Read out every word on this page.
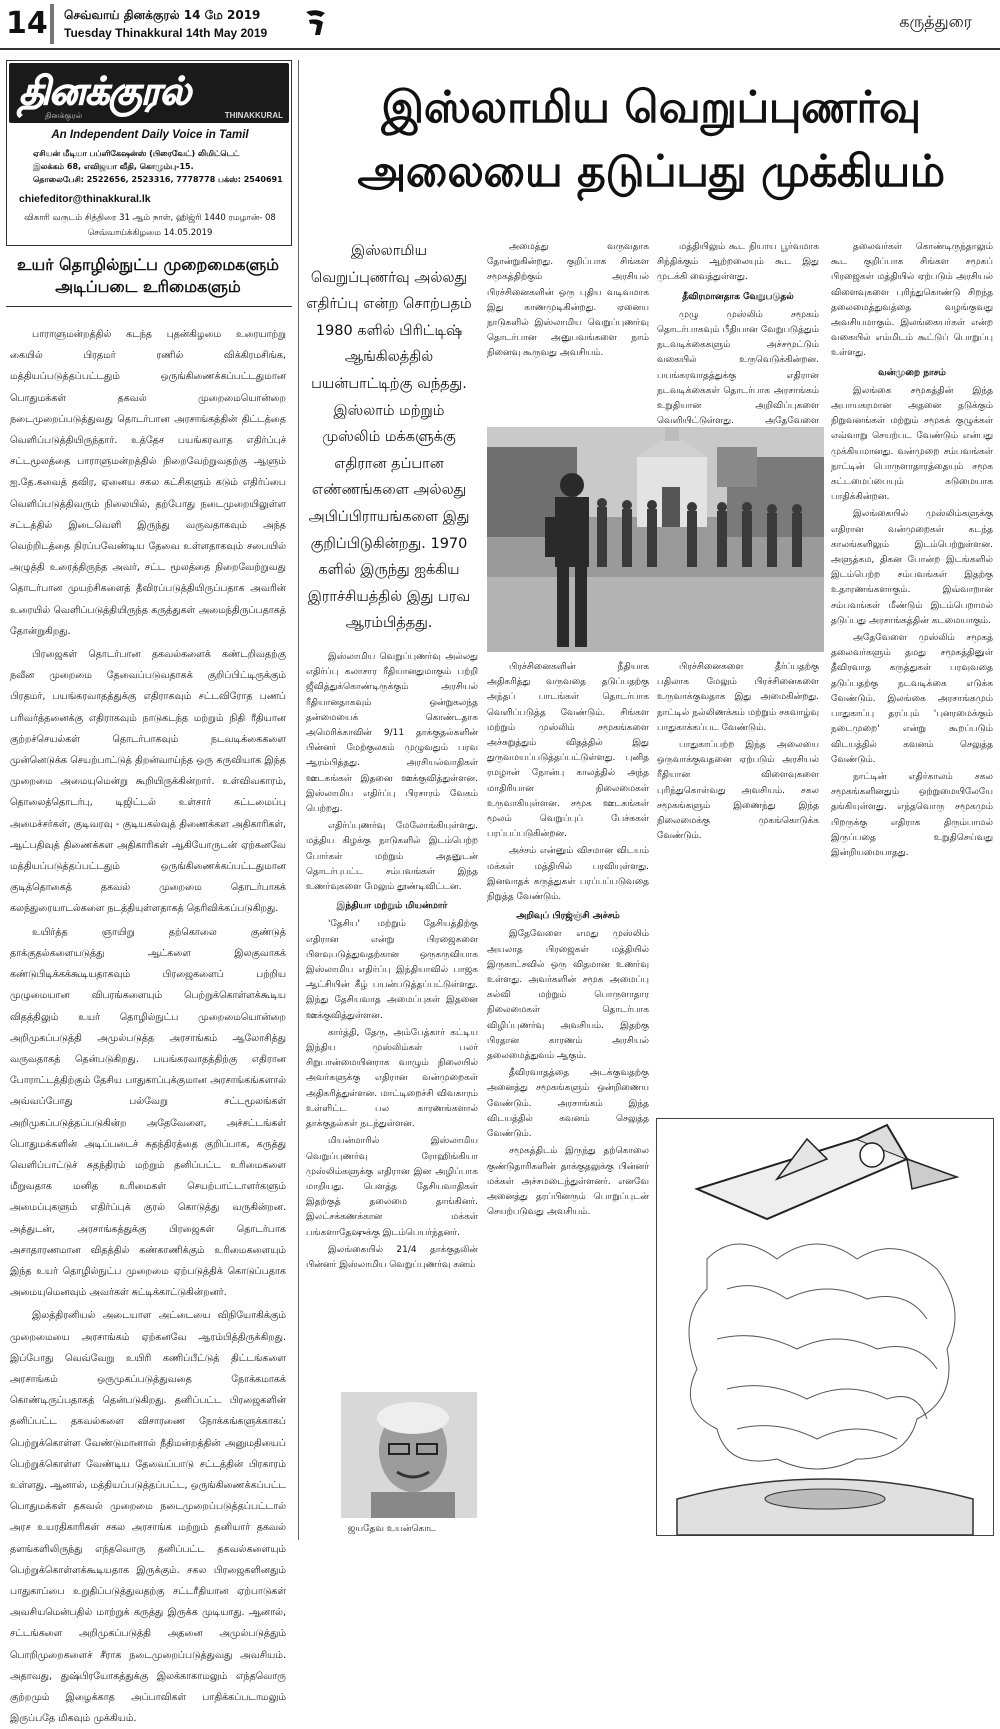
14	செவ்வாய் தினக்குரல் 14 மே 2019
Tuesday Thinakkural 14th May 2019
கருத்துரை
தினக்குரல்
தினக்குரல்	THINAKKURAL
An Independent Daily Voice in Tamil
ஏசியன் மீடியா பப்ளிகேஷன்ஸ் (பிரைவேட்) லிமிட்டெட்
இலக்கம் 68, எவிஜயா வீதி, கொழும்பு-15.
தொலைபேசி: 2522656, 2523316, 7778778 பக்ஸ்: 2540691
chiefeditor@thinakkural.lk
விகாரி வருடம் சித்திரை 31 ஆம் நாள், ஹிஜ்ரி 1440 ரமழான்- 08
செவ்வாய்க்கிழமை 14.05.2019
உயர் தொழில்நுட்ப முறைமைகளும் அடிப்படை உரிமைகளும்

பாராளுமன்றத்தில் கடந்த புதன்கிழமை உரையாற்று கையில் பிரதமர் ரணில் விக்கிரமசிங்க, மத்தியப்படுத்தப்பட்டதும் ஒருங்கிணைக்கப்பட்டதுமான பொதுமக்கள் தகவல் முறைமையொன்றை நடைமுறைப்படுத்துவது தொடர்பான அரசாங்கத்தின் திட்டத்தை வெளிப்படுத்தியிருந்தார். உத்தேச பயங்கரவாத எதிர்ப்புச் சட்டமூலத்தை பாராளுமன்றத்தில் நிறைவேற்றுவதற்கு ஆளும் ஐ.தே.கவைத் தவிர, ஏனைய சகல கட்சிகளும் கடும் எதிர்ப்பை வெளிப்படுத்திவரும் நிலையில், தற்போது நடைமுறையிலுள்ள சட்டத்தில் இடைவெளி இருந்து வருவதாகவும் அந்த வெற்றிடத்தை நிரப்பவேண்டிய தேவை உள்ளதாகவும் சபையில் அழுத்தி உரைத்திருந்த அவர், சட்ட மூலத்தை நிறைவேற்றுவது தொடர்பான முயற்சிகளைத் தீவிரப்படுத்தியிருப்பதாக அவரின் உரையில் வெளிப்படுத்தியிருந்த கருத்துகள் அமைந்திருப்பதாகத் தோன்றுகிறது.

பிரஜைகள் தொடர்பான தகவல்களைக் கண்டறிவதற்கு நவீன முறைமை தேவைப்படுவதாகக் குறிப்பிட்டிருக்கும் பிரதமர், பயங்கரவாதத்துக்கு எதிராகவும் சட்டவிரோத பணப் பரிவர்த்தனைக்கு எதிராகவும் நாடுகடந்த மற்றும் நிதி ரீதியான குற்றச்செயல்கள் தொடர்பாகவும் நடவடிக்கைகளை முன்னெடுக்க செயற்பாட்டுத் திறன்வாய்ந்த ஒரு கருவியாக இந்த முறைமை அமையுமென்று கூறியிருக்கின்றார். உள்விவகாரம், தொலைத்தொடர்பு, டிஜிட்டல் உள்சார் கட்டமைப்பு அமைச்சர்கள், குடிவரவு - குடியகல்வுத் திணைக்கள அதிகாரிகள், ஆட்பதிவுத் திணைக்கள அதிகாரிகள் ஆகியோருடன் ஏற்கனவே மத்தியப்படுத்தப்பட்டதும் ஒருங்கிணைக்கப்பட்டதுமான குடித்தொகைத் தகவல் முறைமை தொடர்பாகக் கலந்துரையாடல்களை நடத்தியுள்ளதாகத் தெரிவிக்கப்படுகிறது.

உயிர்த்த ஞாயிறு தற்கொலை குண்டுத் தாக்குதல்களையடுத்து ஆட்களை இலகுவாகக் கண்டுபிடிக்கக்கூடியதாகவும் பிரஜைகளைப் பற்றிய முழுமையான விபரங்களையும் பெற்றுக்கொள்ளக்கூடிய விதத்திலும் உயர் தொழில்நுட்ப முறைமையொன்றை அறிமுகப்படுத்தி அமுல்படுத்த அரசாங்கம் ஆலோசித்து வருவதாகத் தென்படுகிறது. பயங்கரவாதத்திற்கு எதிரான போராட்டத்திற்கும் தேசிய பாதுகாப்புக்குமான அரசாங்கங்களால் அவ்வப்போது பல்வேறு சட்டமூலங்கள் அறிமுகப்படுத்தப்படுகின்ற அதேவேளை, அச்சட்டங்கள் பொதுமக்களின் அடிப்படைச் சுதந்திரத்தை குறிப்பாக, கருத்து வெளிப்பாட்டுச் சுதந்திரம் மற்றும் தனிப்பட்ட உரிமைகளை மீறுவதாக மனித உரிமைகள் செயற்பாட்டாளர்களும் அமைப்புகளும் எதிர்ப்புக் குரல் கொடுத்து வருகின்றன. அத்துடன், அரசாங்கத்துக்கு பிரஜைகள் தொடர்பாக அசாதாரணமான விதத்தில் கண்காணிக்கும் உரிமைகளையும் இந்த உயர் தொழில்நுட்ப முறைமை ஏற்படுத்திக் கொடுப்பதாக அமையுமெனவும் அவர்கள் சுட்டிக்காட்டுகின்றனர்.

இலத்திரனியல் அடையாள அட்டையை விநியோகிக்கும் முறைமையை அரசாங்கம் ஏற்கனவே ஆரம்பித்திருக்கிறது. இப்போது வெவ்வேறு உயிரி கணிப்பீட்டுத் திட்டங்களை அரசாங்கம் ஒருமுகப்படுத்துவதை நோக்கமாகக் கொண்டிருப்பதாகத் தென்படுகிறது. தனிப்பட்ட பிரஜைகளின் தனிப்பட்ட தகவல்களை விசாரணை நோக்கங்களுக்காகப் பெற்றுக்கொள்ள வேண்டுமானால் நீதிமன்றத்தின் அனுமதியைப் பெற்றுக்கொள்ள வேண்டிய தேவைப்பாடு சட்டத்தின் பிரகாரம் உள்ளது. ஆனால், மத்தியப்படுத்தப்பட்ட, ஒருங்கிணைக்கப்பட்ட பொதுமக்கள் தகவல் முறைமை நடைமுறைப்படுத்தப்பட்டால் அரச உயரதிகாரிகள் சகல அரசாங்க மற்றும் தனியார் தகவல் தளங்களிலிருந்து எந்தவொரு தனிப்பட்ட தகவல்களையும் பெற்றுக்கொள்ளக்கூடியதாக இருக்கும். சகல பிரஜைகளினதும் பாதுகாப்பை உறுதிப்படுத்துவதற்கு சட்டரீதியான ஏற்பாடுகள் அவசியமென்பதில் மாற்றுக் கருத்து இருக்க முடியாது. ஆனால், சட்டங்களை அறிமுகப்படுத்தி அதனை அமுல்படுத்தும் பொறிமுறைகளைச் சீராக நடைமுறைப்படுத்துவது அவசியம். அதாவது, துஷ்பிரயோகத்துக்கு இலக்காகாமலும் எந்தவொரு குற்றமும் இழைக்காத அப்பாவிகள் பாதிக்கப்படாமலும் இருப்பதே மிகவும் முக்கியம்.

இஸ்லாமிய வெறுப்புணர்வு
அலையை தடுப்பது முக்கியம்
இஸ்லாமிய வெறுப்புணர்வு அல்லது எதிர்ப்பு என்ற சொற்பதம் 1980 களில் பிரிட்டிஷ் ஆங்கிலத்தில் பயன்பாட்டிற்கு வந்தது. இஸ்லாம் மற்றும் முஸ்லிம் மக்களுக்கு எதிரான தப்பான எண்ணங்களை அல்லது அபிப்பிராயங்களை இது குறிப்பிடுகின்றது. 1970 களில் இருந்து ஐக்கிய இராச்சியத்தில் இது பரவ ஆரம்பித்தது.

அமைத்து வருவதாக தோன்றுகின்றது. குறிப்பாக சிங்கள சமூகத்திற்கும் அரசியல் பிரச்சினைகளின் ஒரு புதிய வடிவமாக இது காணமுடிகின்றது. ஏனைய நாடுகளில் இஸ்லாமிய வெறுப்புணர்வு தொடர்பான அனுபவங்களை நாம் நினைவு கூருவது அவசியம்.

மத்தியிலும் கூட நியாய பூர்வமாக சிந்திக்கும் ஆற்றலையும் கூட இது முடக்கி வைத்துள்ளது.

தீவிரமானதாக வேறுபடுதல்

முழு முஸ்லிம் சமூகம் தொடர்பாகவும் பீதியான வேறுபடுத்தும் நடவடிக்கைகளும் அச்சமூட்டும் வகையில் உருவெடுக்கின்றன. பயங்கரவாதத்துக்கு எதிரான நடவடிக்கைகள் தொடர்பாக அரசாங்கம் உறுதியான அறிவிப்புகளை வெளியிட்டுள்ளது. அதேவேளை

தலைவர்கள் கொண்டிருந்தாலும் கூட குறிப்பாக சிங்கள சமூகப் பிரஜைகள் மத்தியில் ஏற்படும் அரசியல் விளைவுகளை புரிந்துகொண்டு சிறந்த தலைமைத்துவத்தை வழங்குவது அவசியமாகும். இலங்கையர்கள் என்ற வகையில் எம்மிடம் கூட்டுப் பொறுப்பு உள்ளது.

வன்முறை நாசம்

இலங்கை சமூகத்தின் இந்த அபாயகரமான அதனை தடுக்கும் நிறுவனங்கள் மற்றும் சமூகக் குழுக்கள் எவ்வாறு செயற்பட வேண்டும் என்பது முக்கியமானது. வன்முறை சம்பவங்கள் நாட்டின் பொருளாதாரத்தையும் சமூக கட்டமைப்பையும் கடுமையாக பாதிக்கின்றன.

இலங்கையில் முஸ்லிம்களுக்கு எதிரான வன்முறைகள் கடந்த காலங்களிலும் இடம்பெற்றுள்ளன. அளுத்கம, திகன போன்ற இடங்களில் இடம்பெற்ற சம்பவங்கள் இதற்கு உதாரணங்களாகும். இவ்வாறான சம்பவங்கள் மீண்டும் இடம்பெறாமல் தடுப்பது அரசாங்கத்தின் கடமையாகும்.

அதேவேளை முஸ்லிம் சமூகத் தலைவர்களும் தமது சமூகத்தினுள் தீவிரவாத கருத்துகள் பரவுவதை தடுப்பதற்கு நடவடிக்கை எடுக்க வேண்டும். இலங்கை அரசாங்கமும் பாதுகாப்பு தரப்பும் 'புனரமைக்கும் நடைமுறை' என்று கூறப்படும் விடயத்தில் கவனம் செலுத்த வேண்டும்.

நாட்டின் எதிர்காலம் சகல சமூகங்களினதும் ஒற்றுமையிலேயே தங்கியுள்ளது. எந்தவொரு சமூகமும் பிறருக்கு எதிராக திரும்பாமல் இருப்பதை உறுதிசெய்வது இன்றியமையாதது.

இஸ்லாமிய வெறுப்புணர்வு அல்லது எதிர்ப்பு கலாசார ரீதியானதுமாகும் பற்றி ஜீவித்துக்கொண்டிருக்கும் அரசியல் ரீதியானதாகவும் ஒன்றுகலந்த தன்மையைக் கொண்டதாக அமெரிக்காவின் 9/11 தாக்குதல்களின் பின்னர் மேற்குலகம் முழுவதும் பரவ ஆரம்பித்தது. அரசியல்வாதிகள் ஊடகங்கள் இதனை ஊக்குவித்துள்ளன. இஸ்லாமிய எதிர்ப்பு பிரசாரம் வேகம் பெற்றது.

எதிர்ப்புணர்வு மேலோங்கியுள்ளது. மத்திய கிழக்கு நாடுகளில் இடம்பெற்ற போர்கள் மற்றும் அதனுடன் தொடர்புபட்ட சம்பவங்கள் இந்த உணர்வுகளை மேலும் தூண்டிவிட்டன.

இந்தியா மற்றும் மியன்மார்

'தேசிய' மற்றும் தேசியத்திற்கு எதிரான என்று பிரஜைகளை பிளவுபடுத்துவதற்கான ஒருகருவியாக இஸ்லாமிய எதிர்ப்பு இந்தியாவில் பாஜக ஆட்சியின் கீழ் பயன்படுத்தப்பட்டுள்ளது. இந்து தேசியவாத அமைப்புகள் இதனை ஊக்குவித்துள்ளன.

கார்த்தி, தேரு, அம்பேத்கார் கட்டிய இந்திய முஸ்லிம்கள் பலர் சிறுபான்மையினராக வாழும் நிலையில் அவர்களுக்கு எதிரான வன்முறைகள் அதிகரித்துள்ளன. மாட்டிறைச்சி விவகாரம் உள்ளிட்ட பல காரணங்களால் தாக்குதல்கள் நடந்துள்ளன.

மியன்மாரில் இஸ்லாமிய வெறுப்புணர்வு ரோஹிங்கியா முஸ்லிம்களுக்கு எதிரான இன அழிப்பாக மாறியது. பௌத்த தேசியவாதிகள் இதற்குத் தலைமை தாங்கினர். இலட்சக்கணக்கான மக்கள் பங்களாதேஷுக்கு இடம்பெயர்ந்தனர்.

இலங்கையில் 21/4 தாக்குதலின் பின்னர் இஸ்லாமிய வெறுப்புணர்வு கனம்

பிரச்சினைகளின் நீதியாக அதிகரித்து வருவதை தடுப்பதற்கு அந்தப் பாடங்கள் தொடர்பாக வெளிப்படுத்த வேண்டும். சிங்கள மற்றும் முஸ்லிம் சமூகங்களை அச்சுறுத்தும் விதத்தில் இது துருவமயப்படுத்தப்பட்டுள்ளது. புனித ரமழான் நோன்பு காலத்தில் அந்த மாதிரியான நிலைமைகள் உருவாகியுள்ளன. சமூக ஊடகங்கள் மூலம் வெறுப்புப் பேச்சுகள் பரப்பப்படுகின்றன.

அச்சம் என்னும் விசமான விடயம் மக்கள் மத்தியில் பரவியுள்ளது. இனவாதக் கருத்துகள் பரப்பப்படுவதை நிறுத்த வேண்டும்.

அறிவுப் பிரஜ்ஞ்சி அச்சம்

இதேவேளை எமது முஸ்லிம் அயலாத பிரஜைகள் மத்தியில் இருகாட்சவில் ஒரு விதமான உணர்வு உள்ளது. அவர்களின் சமூக அமைப்பு கல்வி மற்றும் பொருளாதார நிலைமைகள் தொடர்பாக விழிப்புணர்வு அவசியம். இதற்கு பிரதான காரணம் அரசியல் தலைமைத்துவம் ஆகும்.

தீவிரவாதத்தை அடக்குவதற்கு அனைத்து சமூகங்களும் ஒன்றிணைய வேண்டும். அரசாங்கம் இந்த விடயத்தில் கவனம் செலுத்த வேண்டும்.

சமூகத்திடம் இருந்து தற்கொலை குண்டுதாரிகளின் தாக்குதலுக்கு பின்னர் மக்கள் அச்சமடைந்துள்ளனர். எனவே அனைத்து தரப்பினரும் பொறுப்புடன் செயற்படுவது அவசியம்.

பிரச்சினைகளை தீர்ப்பதற்கு பதிலாக மேலும் பிரச்சினைகளை உருவாக்குவதாக இது அமைகின்றது. நாட்டில் நல்லிணக்கம் மற்றும் சகவாழ்வு பாதுகாக்கப்பட வேண்டும்.

பாதுகாப்பற்ற இந்த அலையை ஒருவாக்குவதனை ஏற்படும் அரசியல் ரீதியான விளைவுகளை புரிந்துகொள்வது அவசியம். சகல சமூகங்களும் இணைந்து இந்த நிலைமைக்கு முகங்கொடுக்க வேண்டும்.

ஜயதேவ உயன்கொட
